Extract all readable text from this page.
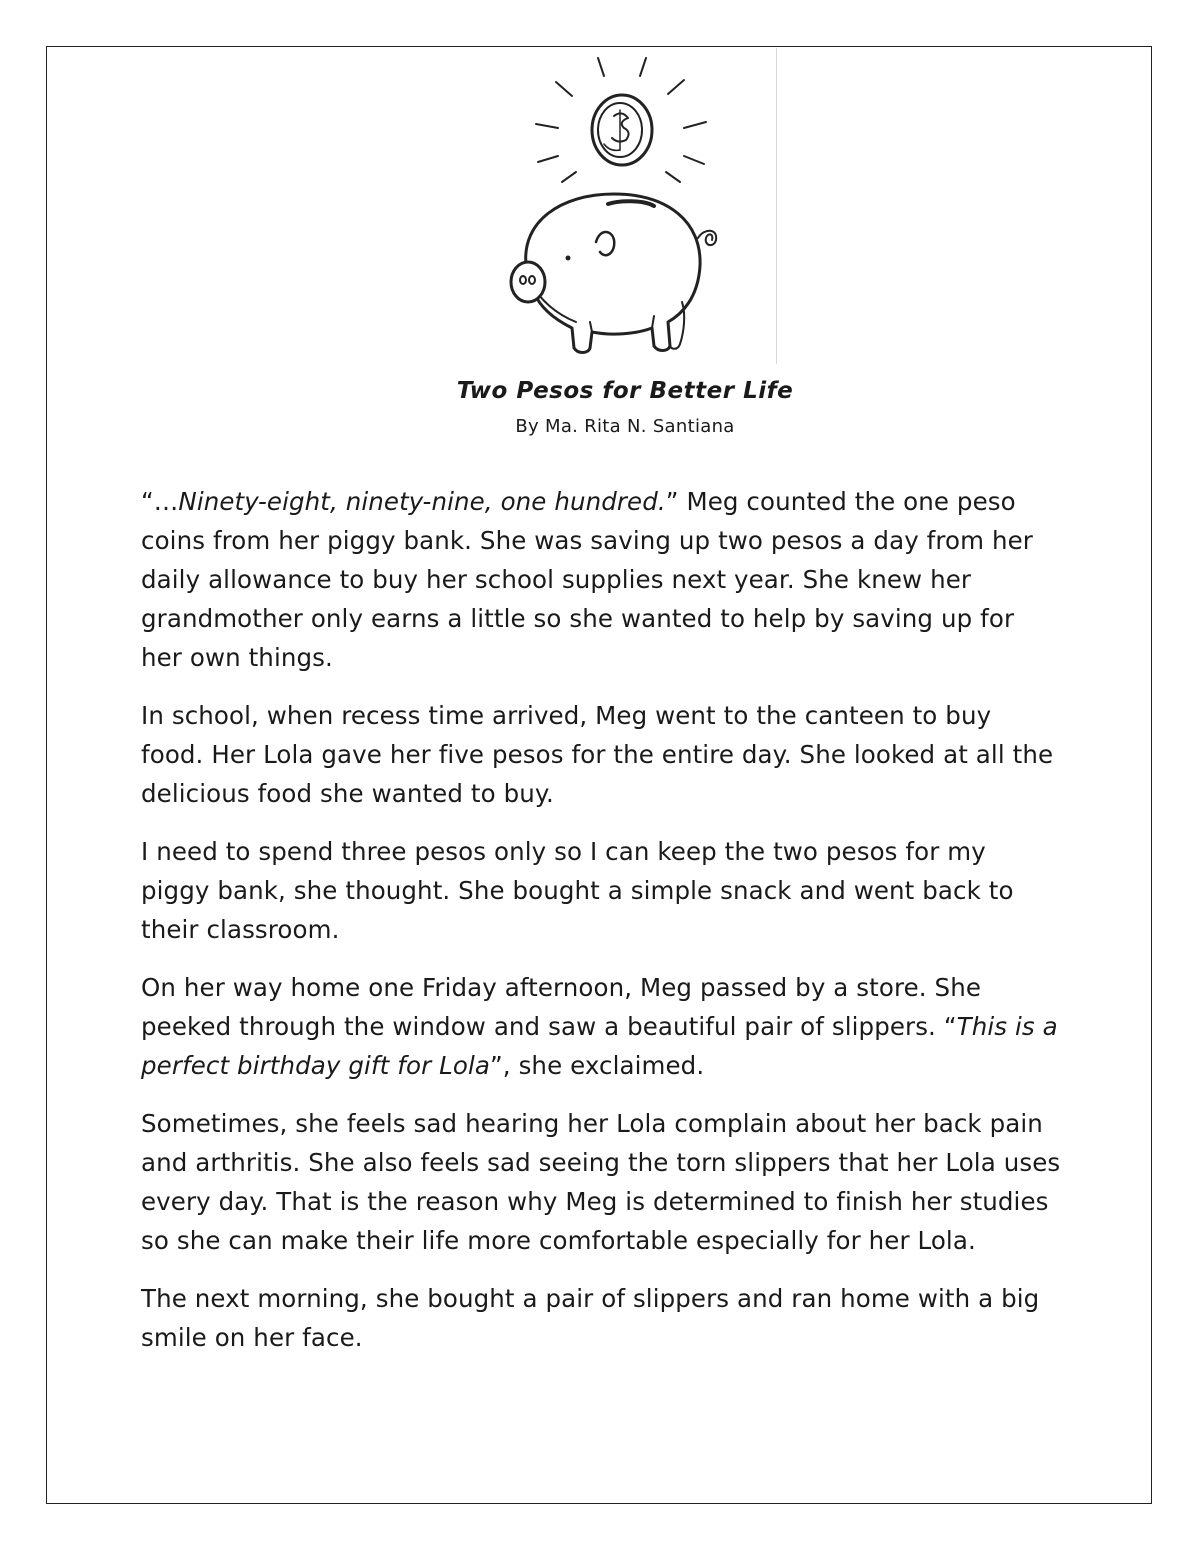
Two Pesos for Better Life
By Ma. Rita N. Santiana

“…Ninety-eight, ninety-nine, one hundred.” Meg counted the one peso coins from her piggy bank. She was saving up two pesos a day from her daily allowance to buy her school supplies next year. She knew her grandmother only earns a little so she wanted to help by saving up for her own things.

In school, when recess time arrived, Meg went to the canteen to buy food. Her Lola gave her five pesos for the entire day. She looked at all the delicious food she wanted to buy.

I need to spend three pesos only so I can keep the two pesos for my piggy bank, she thought. She bought a simple snack and went back to their classroom.

On her way home one Friday afternoon, Meg passed by a store. She peeked through the window and saw a beautiful pair of slippers. “This is a perfect birthday gift for Lola”, she exclaimed.

Sometimes, she feels sad hearing her Lola complain about her back pain and arthritis. She also feels sad seeing the torn slippers that her Lola uses every day. That is the reason why Meg is determined to finish her studies so she can make their life more comfortable especially for her Lola.

The next morning, she bought a pair of slippers and ran home with a big smile on her face.
